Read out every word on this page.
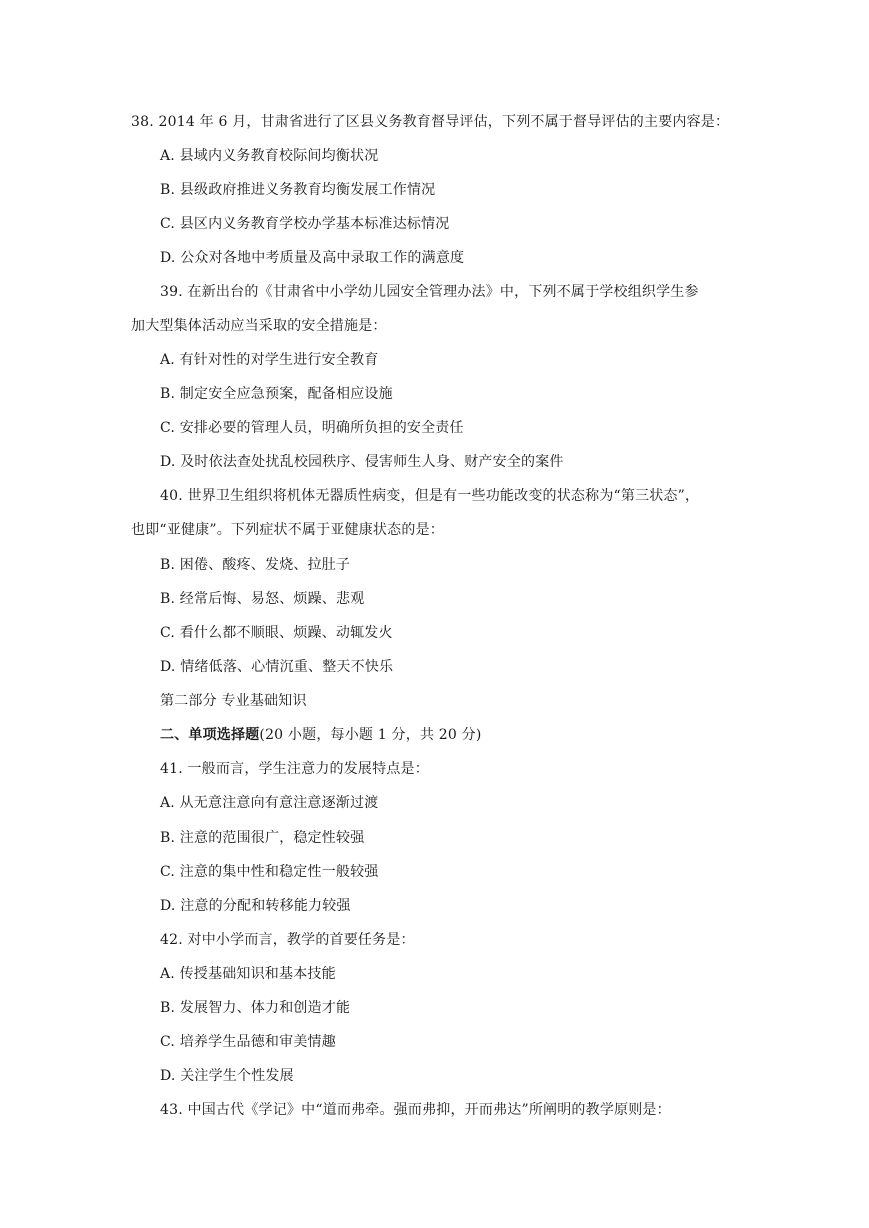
38. 2014 年 6 月，甘肃省进行了区县义务教育督导评估，下列不属于督导评估的主要内容是：
A. 县域内义务教育校际间均衡状况
B. 县级政府推进义务教育均衡发展工作情况
C. 县区内义务教育学校办学基本标准达标情况
D. 公众对各地中考质量及高中录取工作的满意度
39. 在新出台的《甘肃省中小学幼儿园安全管理办法》中，下列不属于学校组织学生参
加大型集体活动应当采取的安全措施是：
A. 有针对性的对学生进行安全教育
B. 制定安全应急预案，配备相应设施
C. 安排必要的管理人员，明确所负担的安全责任
D. 及时依法查处扰乱校园秩序、侵害师生人身、财产安全的案件
40. 世界卫生组织将机体无器质性病变，但是有一些功能改变的状态称为“第三状态”，
也即“亚健康”。下列症状不属于亚健康状态的是：
B. 困倦、酸疼、发烧、拉肚子
B. 经常后悔、易怒、烦躁、悲观
C. 看什么都不顺眼、烦躁、动辄发火
D. 情绪低落、心情沉重、整天不快乐
第二部分 专业基础知识
二、单项选择题(20 小题，每小题 1 分，共 20 分)
41. 一般而言，学生注意力的发展特点是：
A. 从无意注意向有意注意逐渐过渡
B. 注意的范围很广，稳定性较强
C. 注意的集中性和稳定性一般较强
D. 注意的分配和转移能力较强
42. 对中小学而言，教学的首要任务是：
A. 传授基础知识和基本技能
B. 发展智力、体力和创造才能
C. 培养学生品德和审美情趣
D. 关注学生个性发展
43. 中国古代《学记》中“道而弗牵。强而弗抑，开而弗达”所阐明的教学原则是：
